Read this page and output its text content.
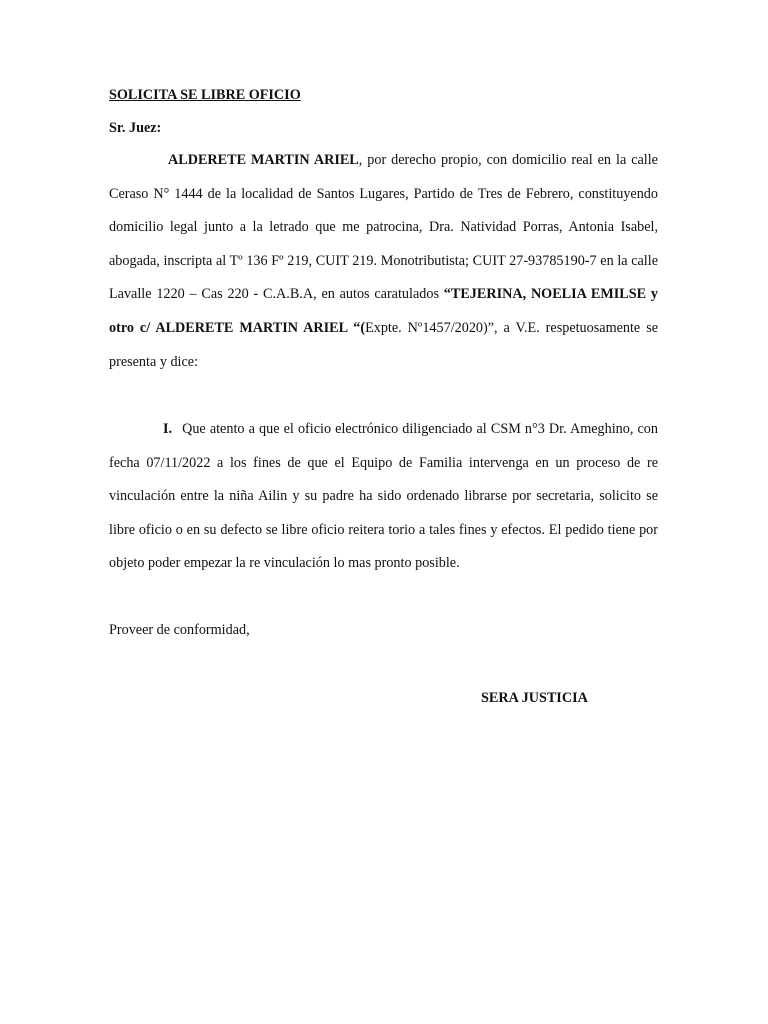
SOLICITA SE LIBRE OFICIO
Sr. Juez:
ALDERETE MARTIN ARIEL, por derecho propio, con domicilio real en la calle Ceraso N° 1444 de la localidad de Santos Lugares, Partido de Tres de Febrero, constituyendo domicilio legal junto a la letrado que me patrocina, Dra. Natividad Porras, Antonia Isabel, abogada, inscripta al Tº 136 Fº 219, CUIT 219. Monotributista; CUIT 27-93785190-7 en la calle Lavalle 1220 – Cas 220 - C.A.B.A, en autos caratulados “TEJERINA, NOELIA EMILSE y otro c/ ALDERETE MARTIN ARIEL “(Expte. Nº1457/2020)”, a V.E. respetuosamente se presenta y dice:
I. Que atento a que el oficio electrónico diligenciado al CSM n°3 Dr. Ameghino, con fecha 07/11/2022 a los fines de que el Equipo de Familia intervenga en un proceso de re vinculación entre la niña Ailin y su padre ha sido ordenado librarse por secretaria, solicito se libre oficio o en su defecto se libre oficio reitera torio a tales fines y efectos. El pedido tiene por objeto poder empezar la re vinculación lo mas pronto posible.
Proveer de conformidad,
SERA JUSTICIA
